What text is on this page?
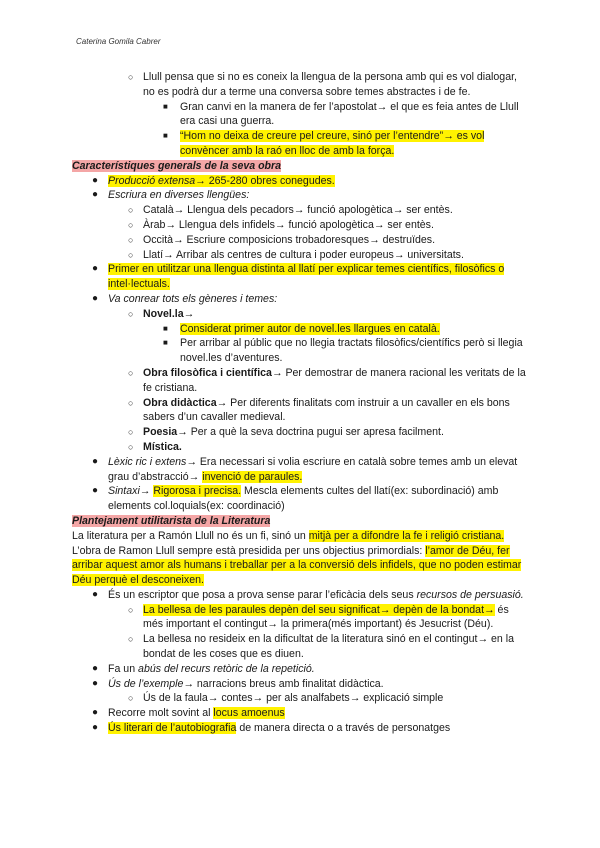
Caterina Gomila Cabrer
○ Llull pensa que si no es coneix la llengua de la persona amb qui es vol dialogar, no es podrà dur a terme una conversa sobre temes abstractes i de fe.
■ Gran canvi en la manera de fer l’apostolat→ el que es feia antes de Llull era casi una guerra.
■ “Hom no deixa de creure pel creure, sinó per l’entendre”→ es vol convèncer amb la raó en lloc de amb la força.
Característiques generals de la seva obra
● Producció extensa→ 265-280 obres conegudes.
● Escriura en diverses llengües:
○ Català→ Llengua dels pecadors→ funció apologètica→ ser entès.
○ Àrab→ Llengua dels infidels→ funció apologètica→ ser entès.
○ Occità→ Escriure composicions trobadoresques→ destruïdes.
○ Llatí→ Arribar als centres de cultura i poder europeus→ universitats.
● Primer en utilitzar una llengua distinta al llatí per explicar temes científics, filosòfics o intel·lectuals.
● Va conrear tots els gèneres i temes:
○ Novel.la→
■ Considerat primer autor de novel.les llargues en català.
■ Per arribar al públic que no llegia tractats filosòfics/científics però si llegia novel.les d’aventures.
○ Obra filosòfica i científica→ Per demostrar de manera racional les veritats de la fe cristiana.
○ Obra didàctica→ Per diferents finalitats com instruir a un cavaller en els bons sabers d’un cavaller medieval.
○ Poesia→ Per a què la seva doctrina pugui ser apresa facilment.
○ Mística.
● Lèxic ric i extens→ Era necessari si volia escriure en català sobre temes amb un elevat grau d’abstracció→ invenció de paraules.
● Sintaxi→ Rigorosa i precisa. Mescla elements cultes del llatí(ex: subordinació) amb elements col.loquials(ex: coordinació)
Plantejament utilitarista de la Literatura
La literatura per a Ramón Llull no és un fi, sinó un mitjà per a difondre la fe i religió cristiana. L’obra de Ramon Llull sempre està presidida per uns objectius primordials: l’amor de Déu, fer arribar aquest amor als humans i treballar per a la conversió dels infidels, que no poden estimar Déu perquè el desconeixen.
● És un escriptor que posa a prova sense parar l’eficàcia dels seus recursos de persuasió.
○ La bellesa de les paraules depèn del seu significat→ depèn de la bondat→ és més important el contingut→ la primera(més important) és Jesucrist (Déu).
○ La bellesa no resideix en la dificultat de la literatura sinó en el contingut→ en la bondat de les coses que es diuen.
● Fa un abús del recurs retòric de la repetició.
● Ús de l’exemple→ narracions breus amb finalitat didàctica.
○ Ús de la faula→ contes→ per als analfabets→ explicació simple
● Recorre molt sovint al locus amoenus
● Ús literari de l’autobiografia de manera directa o a través de personatges
